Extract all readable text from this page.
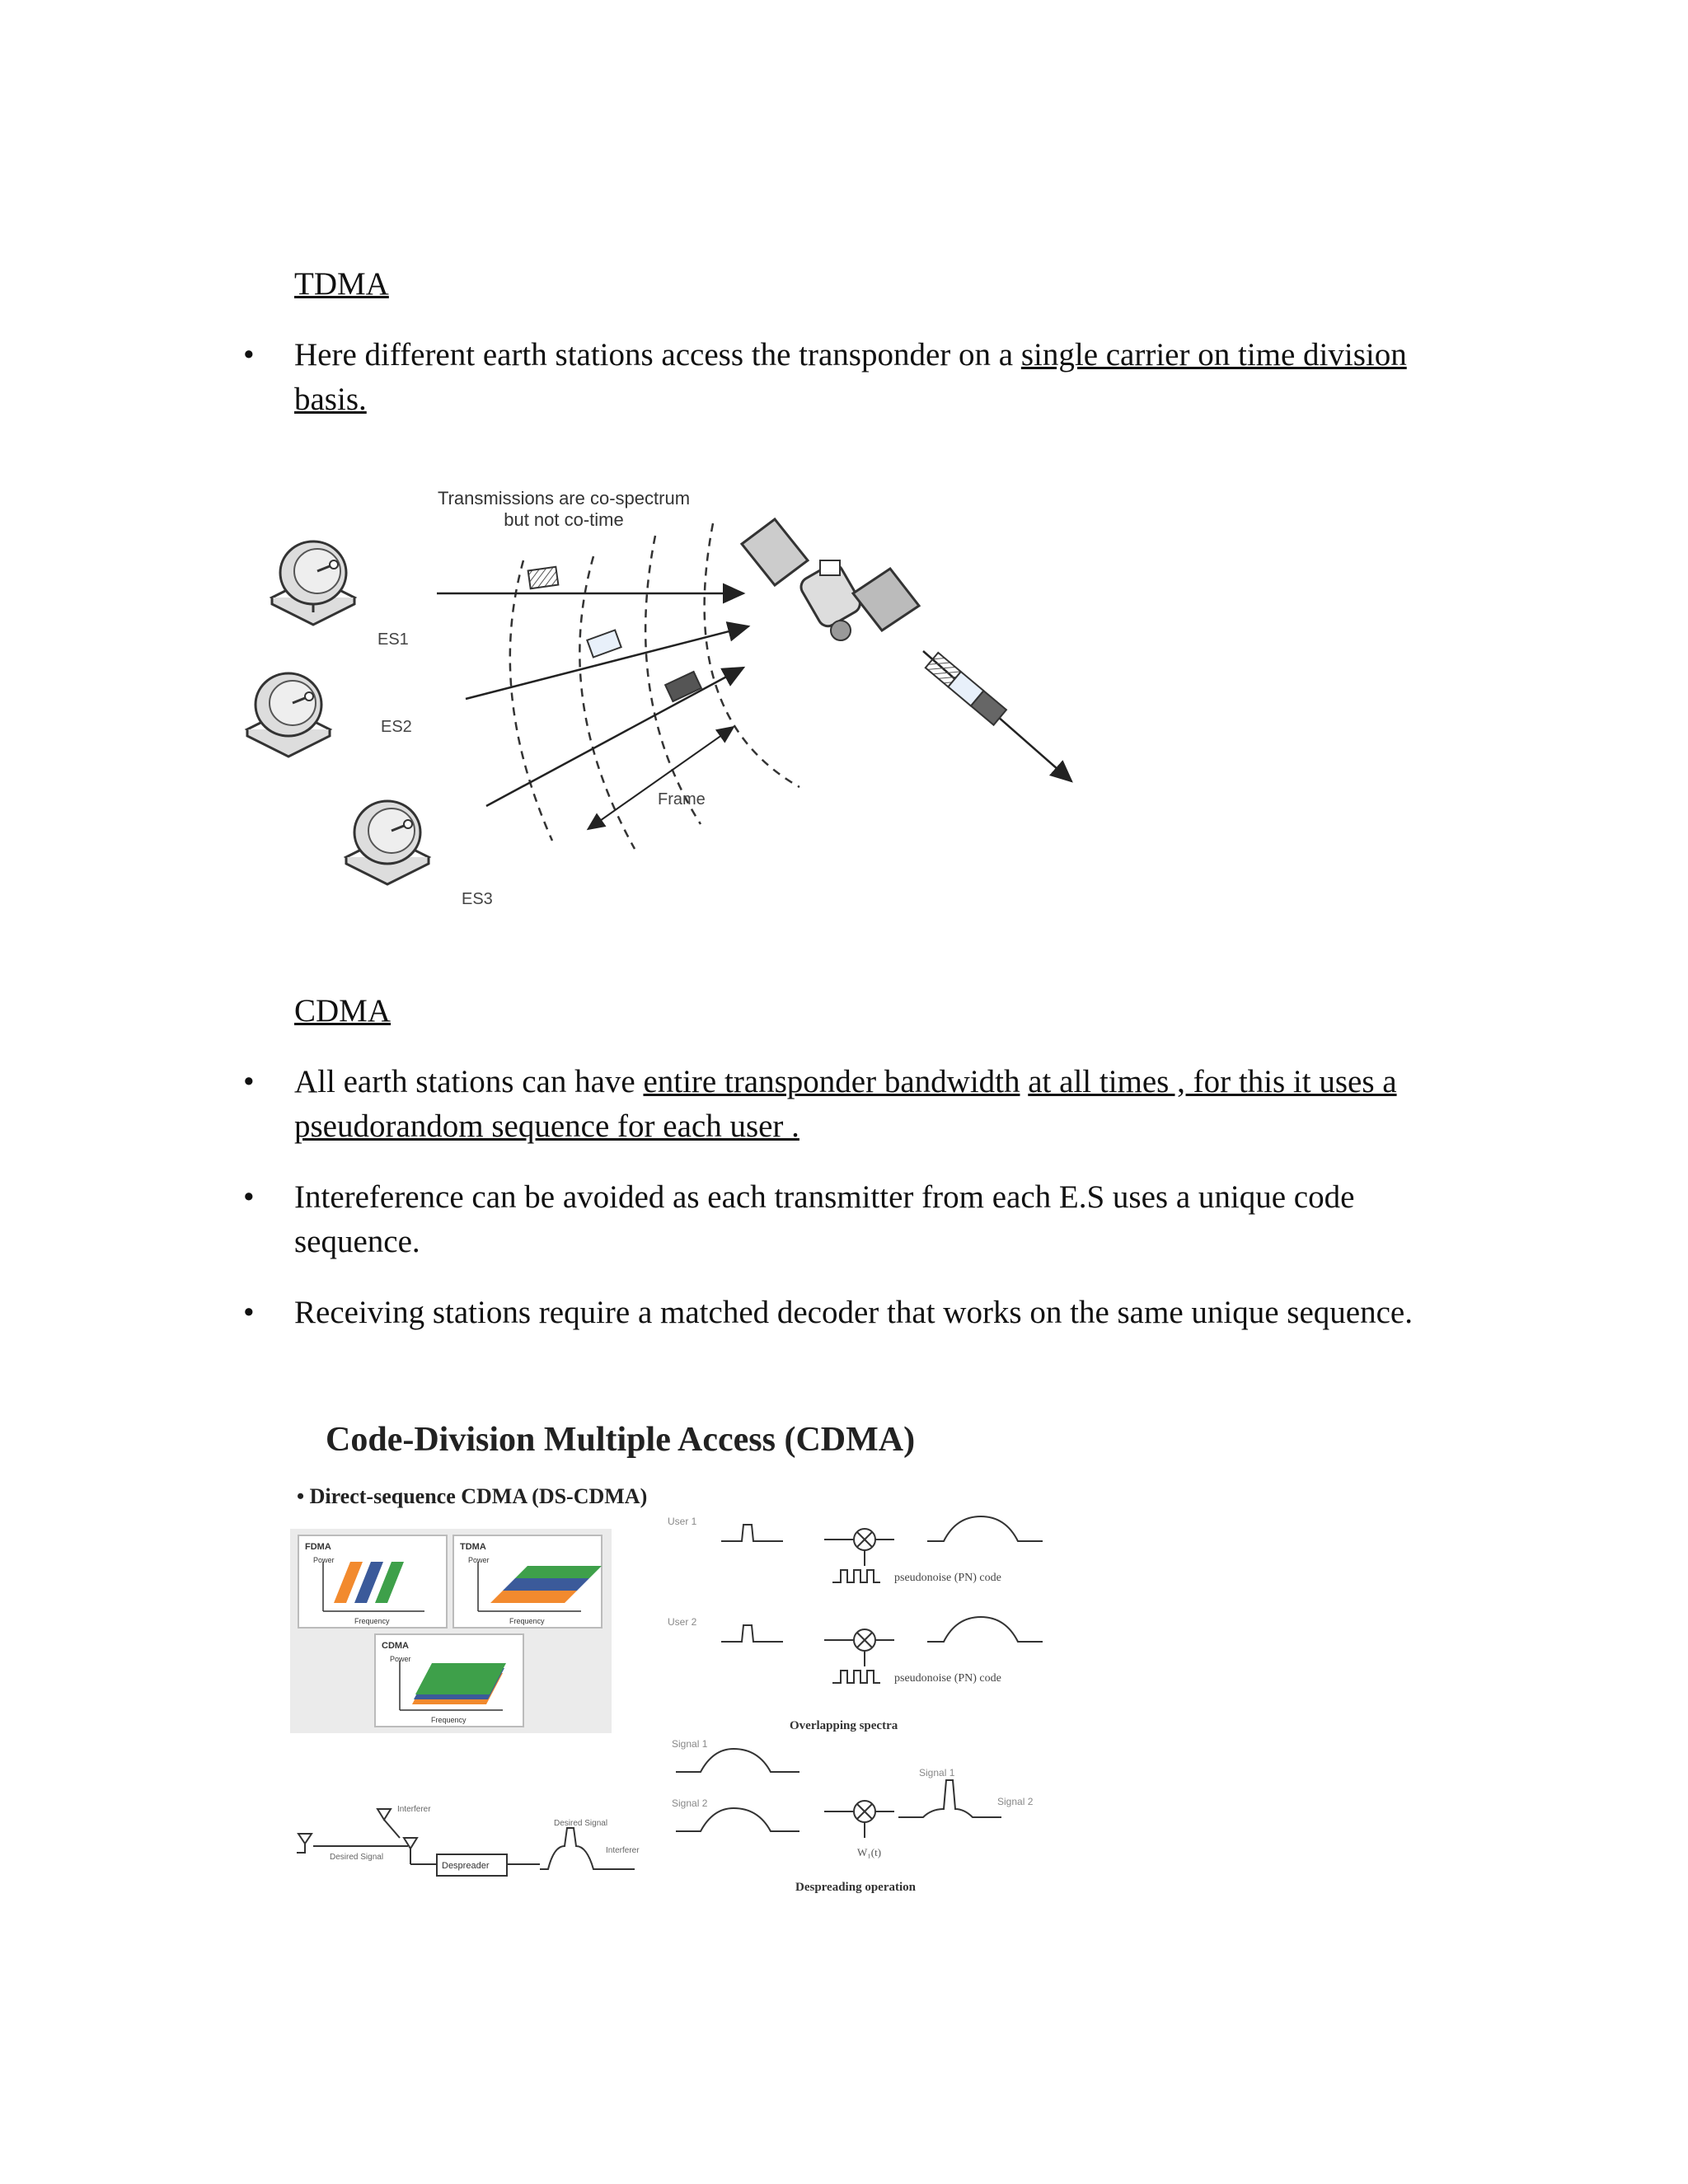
TDMA
• Here different earth stations access the transponder on a single carrier on time division basis.
Transmissions are co-spectrum
but not co-time
ES1
ES2
ES3
Frame
CDMA
• All earth stations can have entire transponder bandwidth at all times , for this it uses a pseudorandom sequence for each user .
• Intereference can be avoided as each transmitter from each E.S uses a unique code sequence.
• Receiving stations require a matched decoder that works on the same unique sequence.
Code-Division Multiple Access (CDMA)
• Direct-sequence CDMA (DS-CDMA)
FDMA
Power
Frequency
TDMA
Power
Frequency
CDMA
Power
Frequency
User 1
pseudonoise (PN) code
User 2
pseudonoise (PN) code
Overlapping spectra
Signal 1
Signal 2
Signal 1
Signal 2
W₁(t)
Despreading operation
Interferer
Desired Signal
Despreader
Desired Signal
Interferer
